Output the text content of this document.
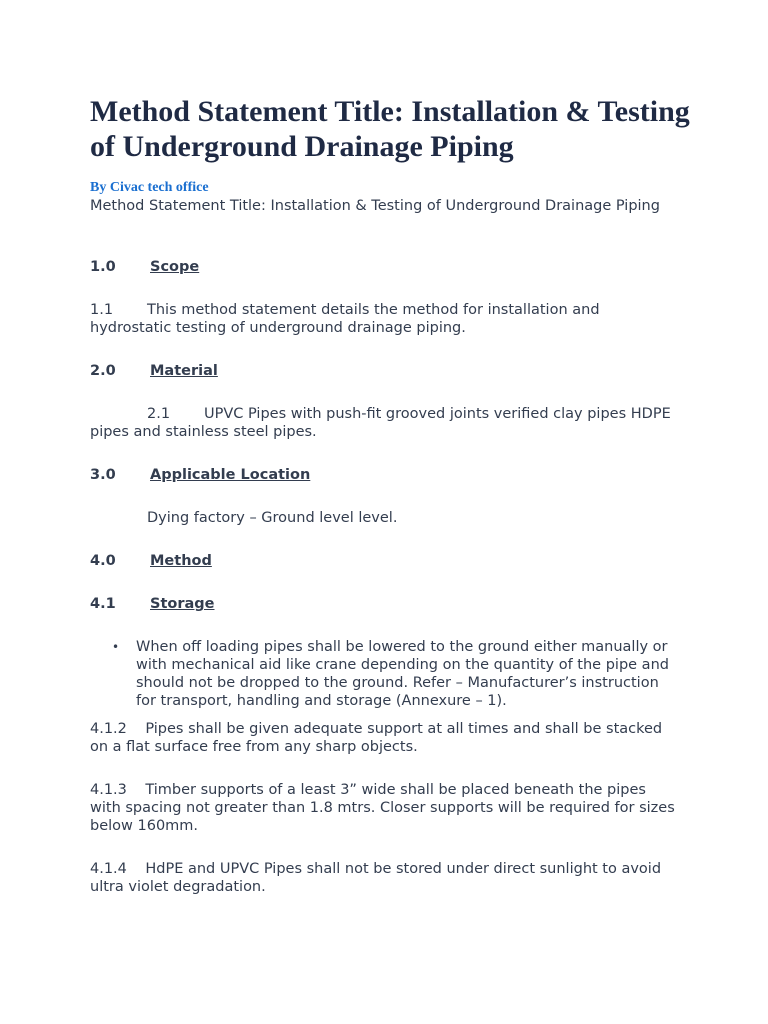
Method Statement Title: Installation & Testing of Underground Drainage Piping

By Civac tech office

Method Statement Title: Installation & Testing of Underground Drainage Piping

1.0 Scope

1.1 This method statement details the method for installation and hydrostatic testing of underground drainage piping.

2.0 Material

2.1 UPVC Pipes with push-fit grooved joints verified clay pipes HDPE pipes and stainless steel pipes.

3.0 Applicable Location

Dying factory – Ground level level.

4.0 Method

4.1 Storage

• When off loading pipes shall be lowered to the ground either manually or with mechanical aid like crane depending on the quantity of the pipe and should not be dropped to the ground. Refer – Manufacturer’s instruction for transport, handling and storage (Annexure – 1).

4.1.2 Pipes shall be given adequate support at all times and shall be stacked on a flat surface free from any sharp objects.

4.1.3 Timber supports of a least 3” wide shall be placed beneath the pipes with spacing not greater than 1.8 mtrs. Closer supports will be required for sizes below 160mm.

4.1.4 HdPE and UPVC Pipes shall not be stored under direct sunlight to avoid ultra violet degradation.
